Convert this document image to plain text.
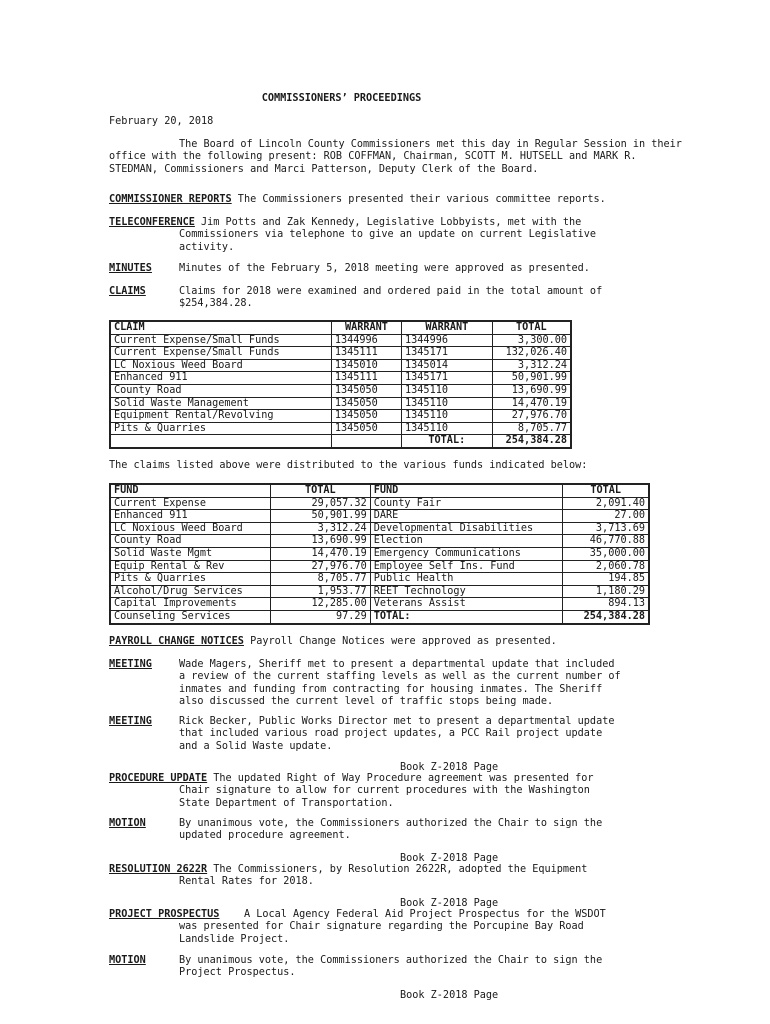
COMMISSIONERS’ PROCEEDINGS

February 20, 2018

The Board of Lincoln County Commissioners met this day in Regular Session in their office with the following present: ROB COFFMAN, Chairman, SCOTT M. HUTSELL and MARK R. STEDMAN, Commissioners and Marci Patterson, Deputy Clerk of the Board.

COMMISSIONER REPORTS The Commissioners presented their various committee reports.

TELECONFERENCE Jim Potts and Zak Kennedy, Legislative Lobbyists, met with the

Commissioners via telephone to give an update on current Legislative

activity.

MINUTES	Minutes of the February 5, 2018 meeting were approved as presented.

CLAIMS	Claims for 2018 were examined and ordered paid in the total amount of

$254,384.28.

CLAIM	WARRANT	WARRANT	TOTAL
Current Expense/Small Funds	1344996	1344996	3,300.00
Current Expense/Small Funds	1345111	1345171	132,026.40
LC Noxious Weed Board	1345010	1345014	3,312.24
Enhanced 911	1345111	1345171	50,901.99
County Road	1345050	1345110	13,690.99
Solid Waste Management	1345050	1345110	14,470.19
Equipment Rental/Revolving	1345050	1345110	27,976.70
Pits & Quarries	1345050	1345110	8,705.77
		TOTAL:	254,384.28

The claims listed above were distributed to the various funds indicated below:

FUND	TOTAL	FUND	TOTAL
Current Expense	29,057.32	County Fair	2,091.40
Enhanced 911	50,901.99	DARE	27.00
LC Noxious Weed Board	3,312.24	Developmental Disabilities	3,713.69
County Road	13,690.99	Election	46,770.88
Solid Waste Mgmt	14,470.19	Emergency Communications	35,000.00
Equip Rental & Rev	27,976.70	Employee Self Ins. Fund	2,060.78
Pits & Quarries	8,705.77	Public Health	194.85
Alcohol/Drug Services	1,953.77	REET Technology	1,180.29
Capital Improvements	12,285.00	Veterans Assist	894.13
Counseling Services	97.29	TOTAL:	254,384.28

PAYROLL CHANGE NOTICES Payroll Change Notices were approved as presented.

MEETING	Wade Magers, Sheriff met to present a departmental update that included

a review of the current staffing levels as well as the current number of

inmates and funding from contracting for housing inmates. The Sheriff

also discussed the current level of traffic stops being made.

MEETING	Rick Becker, Public Works Director met to present a departmental update

that included various road project updates, a PCC Rail project update

and a Solid Waste update.

Book Z-2018 Page

PROCEDURE UPDATE The updated Right of Way Procedure agreement was presented for

Chair signature to allow for current procedures with the Washington

State Department of Transportation.

MOTION	By unanimous vote, the Commissioners authorized the Chair to sign the

updated procedure agreement.

Book Z-2018 Page

RESOLUTION 2622R The Commissioners, by Resolution 2622R, adopted the Equipment

Rental Rates for 2018.

Book Z-2018 Page

PROJECT PROSPECTUS    A Local Agency Federal Aid Project Prospectus for the WSDOT

was presented for Chair signature regarding the Porcupine Bay Road

Landslide Project.

MOTION	By unanimous vote, the Commissioners authorized the Chair to sign the

Project Prospectus.

Book Z-2018 Page
